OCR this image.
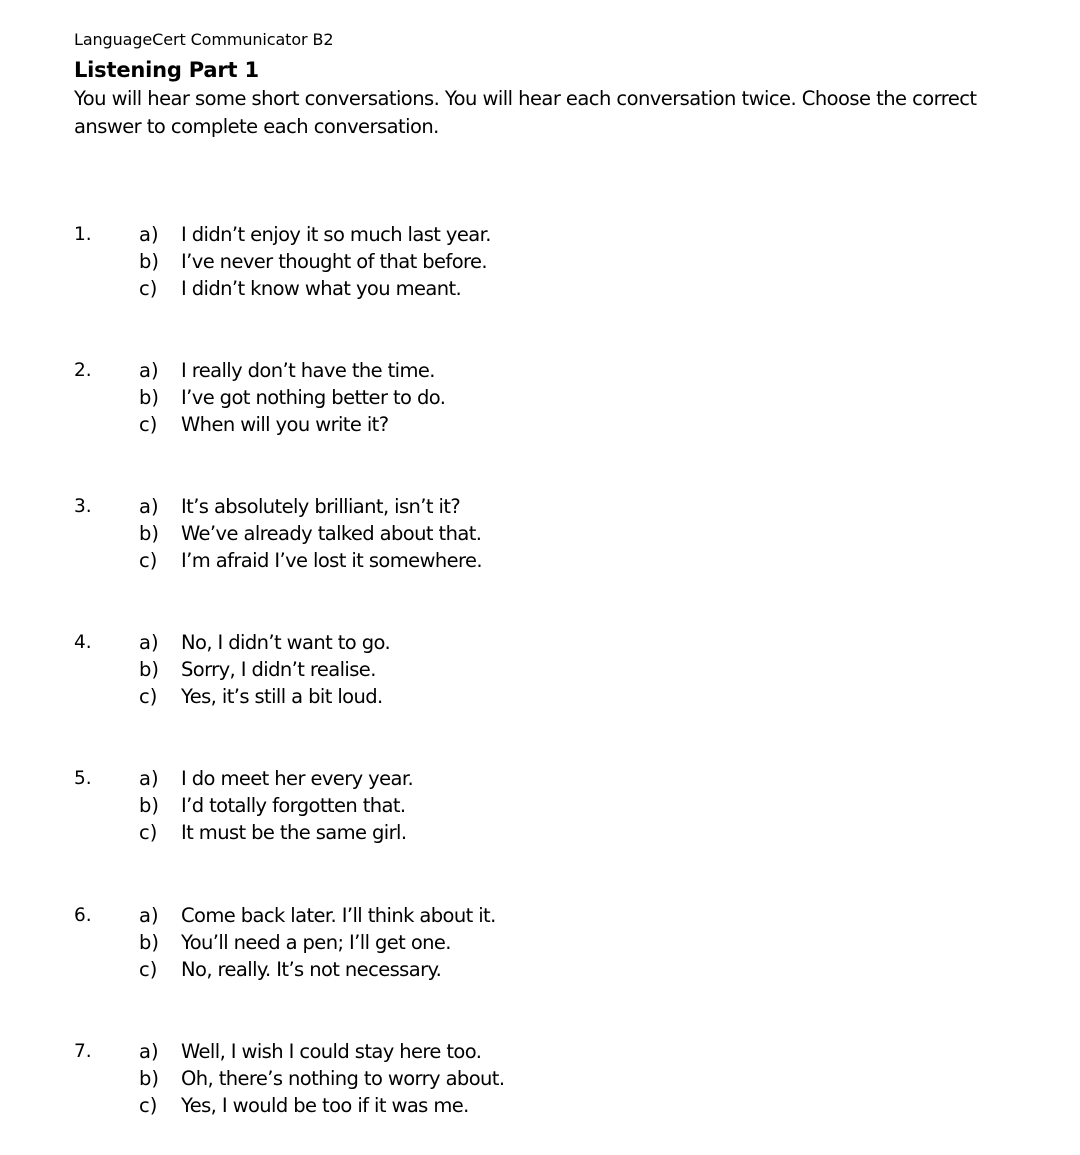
LanguageCert Communicator B2
Listening Part 1

You will hear some short conversations. You will hear each conversation twice. Choose the correct answer to complete each conversation.

1. a) I didn’t enjoy it so much last year.
b) I’ve never thought of that before.
c) I didn’t know what you meant.
2. a) I really don’t have the time.
b) I’ve got nothing better to do.
c) When will you write it?
3. a) It’s absolutely brilliant, isn’t it?
b) We’ve already talked about that.
c) I’m afraid I’ve lost it somewhere.
4. a) No, I didn’t want to go.
b) Sorry, I didn’t realise.
c) Yes, it’s still a bit loud.
5. a) I do meet her every year.
b) I’d totally forgotten that.
c) It must be the same girl.
6. a) Come back later. I’ll think about it.
b) You’ll need a pen; I’ll get one.
c) No, really. It’s not necessary.
7. a) Well, I wish I could stay here too.
b) Oh, there’s nothing to worry about.
c) Yes, I would be too if it was me.
